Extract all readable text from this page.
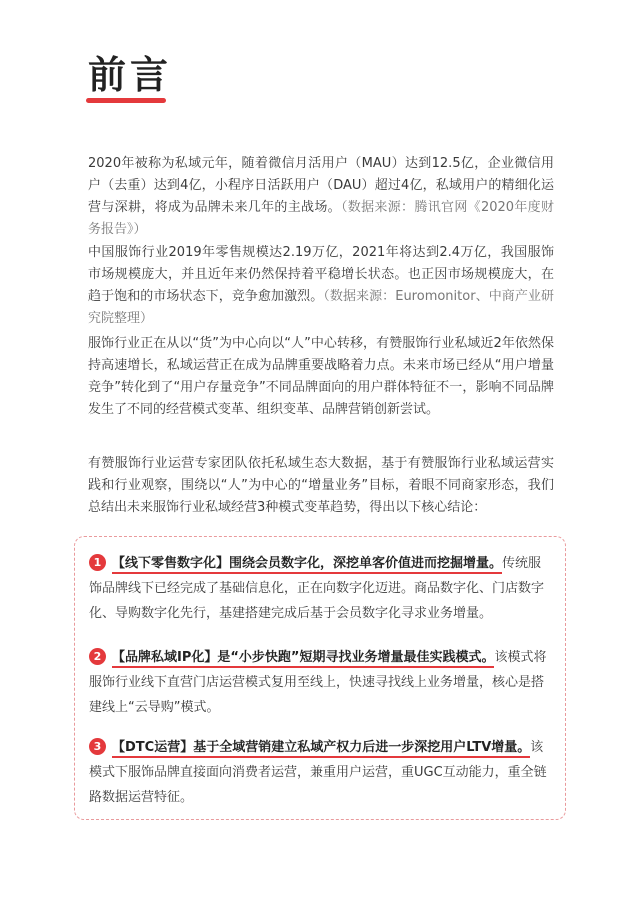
前言

2020年被称为私域元年，随着微信月活用户（MAU）达到12.5亿，企业微信用户（去重）达到4亿，小程序日活跃用户（DAU）超过4亿，私域用户的精细化运营与深耕，将成为品牌未来几年的主战场。（数据来源：腾讯官网《2020年度财务报告》）

中国服饰行业2019年零售规模达2.19万亿，2021年将达到2.4万亿，我国服饰市场规模庞大，并且近年来仍然保持着平稳增长状态。也正因市场规模庞大，在趋于饱和的市场状态下，竞争愈加激烈。（数据来源：Euromonitor、中商产业研究院整理）

服饰行业正在从以“货”为中心向以“人”中心转移，有赞服饰行业私域近2年依然保持高速增长，私域运营正在成为品牌重要战略着力点。未来市场已经从“用户增量竞争”转化到了“用户存量竞争”不同品牌面向的用户群体特征不一，影响不同品牌发生了不同的经营模式变革、组织变革、品牌营销创新尝试。

有赞服饰行业运营专家团队依托私域生态大数据，基于有赞服饰行业私域运营实践和行业观察，围绕以“人”为中心的“增量业务”目标，着眼不同商家形态，我们总结出未来服饰行业私域经营3种模式变革趋势，得出以下核心结论：

1 【线下零售数字化】围绕会员数字化，深挖单客价值进而挖掘增量。传统服饰品牌线下已经完成了基础信息化，正在向数字化迈进。商品数字化、门店数字化、导购数字化先行，基建搭建完成后基于会员数字化寻求业务增量。

2 【品牌私域IP化】是“小步快跑”短期寻找业务增量最佳实践模式。该模式将服饰行业线下直营门店运营模式复用至线上，快速寻找线上业务增量，核心是搭建线上“云导购”模式。

3 【DTC运营】基于全域营销建立私域产权力后进一步深挖用户LTV增量。该模式下服饰品牌直接面向消费者运营，兼重用户运营，重UGC互动能力，重全链路数据运营特征。
